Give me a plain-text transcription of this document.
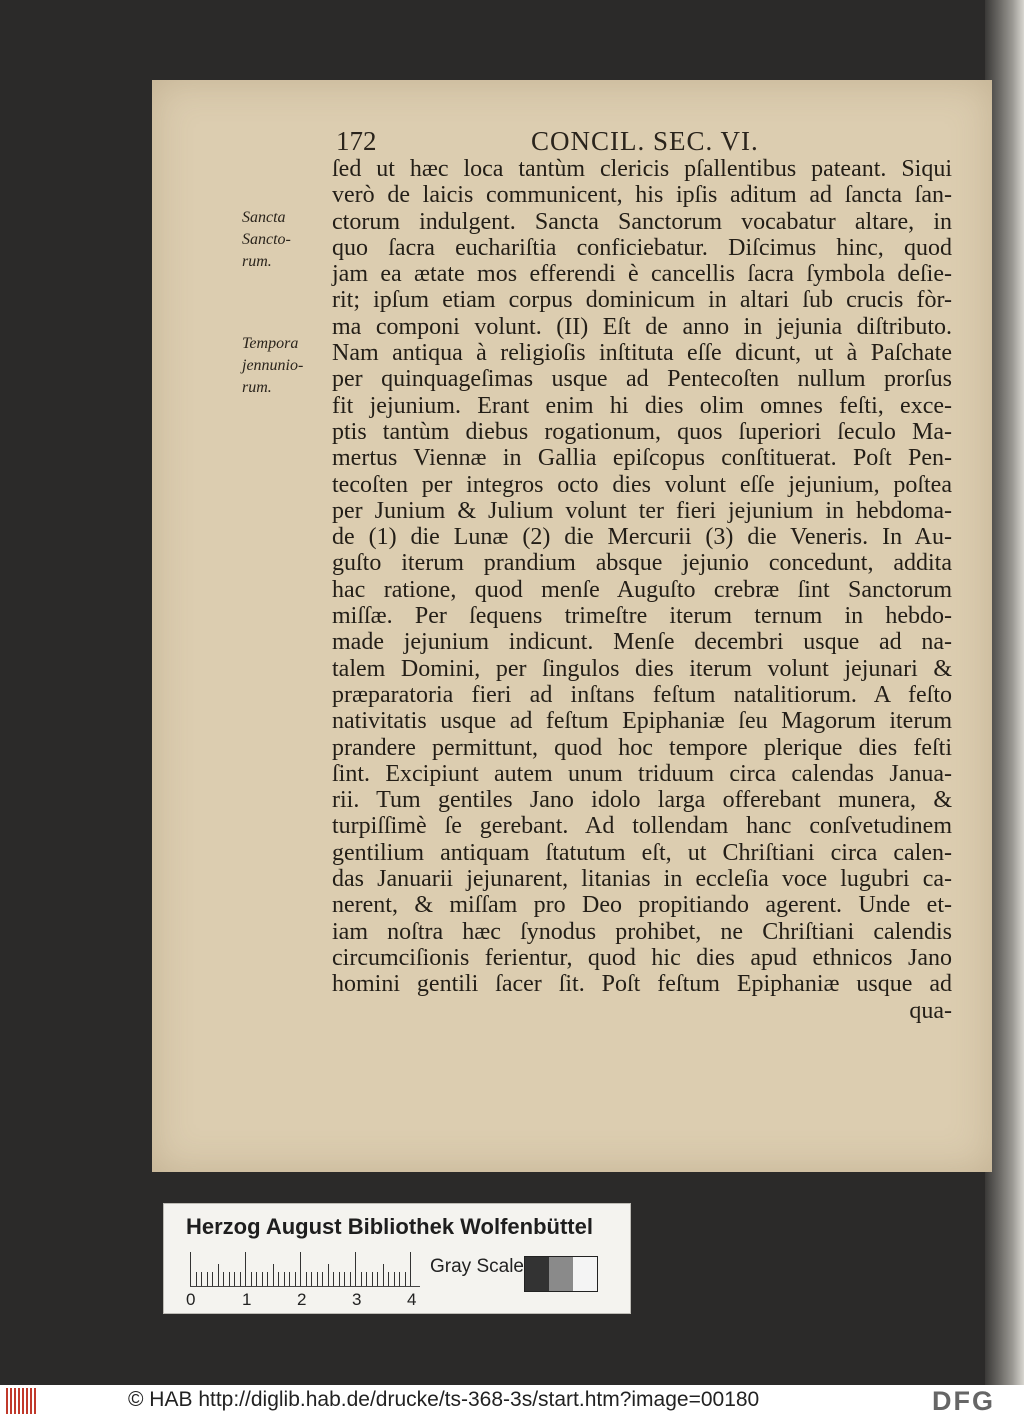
172	CONCIL. SEC. VI.
Sancta
Sancto-
rum.
Tempora
jennunio-
rum.
ſed ut hæc loca tantùm clericis pſallentibus pateant. Siqui
verò de laicis communicent, his ipſis aditum ad ſancta ſan-
ctorum indulgent. Sancta Sanctorum vocabatur altare, in
quo ſacra euchariſtia conficiebatur. Diſcimus hinc, quod
jam ea ætate mos efferendi è cancellis ſacra ſymbola deſie-
rit; ipſum etiam corpus dominicum in altari ſub crucis fòr-
ma componi volunt. (II) Eſt de anno in jejunia diſtributo.
Nam antiqua à religioſis inſtituta eſſe dicunt, ut à Paſchate
per quinquageſimas usque ad Pentecoſten nullum prorſus
fit jejunium. Erant enim hi dies olim omnes feſti, exce-
ptis tantùm diebus rogationum, quos ſuperiori ſeculo Ma-
mertus Viennæ in Gallia epiſcopus conſtituerat. Poſt Pen-
tecoſten per integros octo dies volunt eſſe jejunium, poſtea
per Junium & Julium volunt ter fieri jejunium in hebdoma-
de (1) die Lunæ (2) die Mercurii (3) die Veneris. In Au-
guſto iterum prandium absque jejunio concedunt, addita
hac ratione, quod menſe Auguſto crebræ ſint Sanctorum
miſſæ. Per ſequens trimeſtre iterum ternum in hebdo-
made jejunium indicunt. Menſe decembri usque ad na-
talem Domini, per ſingulos dies iterum volunt jejunari &
præparatoria fieri ad inſtans feſtum natalitiorum. A feſto
nativitatis usque ad feſtum Epiphaniæ ſeu Magorum iterum
prandere permittunt, quod hoc tempore plerique dies feſti
ſint. Excipiunt autem unum triduum circa calendas Janua-
rii. Tum gentiles Jano idolo larga offerebant munera, &
turpiſſimè ſe gerebant. Ad tollendam hanc conſvetudinem
gentilium antiquam ſtatutum eſt, ut Chriſtiani circa calen-
das Januarii jejunarent, litanias in eccleſia voce lugubri ca-
nerent, & miſſam pro Deo propitiando agerent. Unde et-
iam noſtra hæc ſynodus prohibet, ne Chriſtiani calendis
circumciſionis ferientur, quod hic dies apud ethnicos Jano
homini gentili ſacer ſit. Poſt feſtum Epiphaniæ usque ad
qua-
Herzog August Bibliothek Wolfenbüttel
0	1	2	3	4
Gray Scale
© HAB http://diglib.hab.de/drucke/ts-368-3s/start.htm?image=00180	DFG
